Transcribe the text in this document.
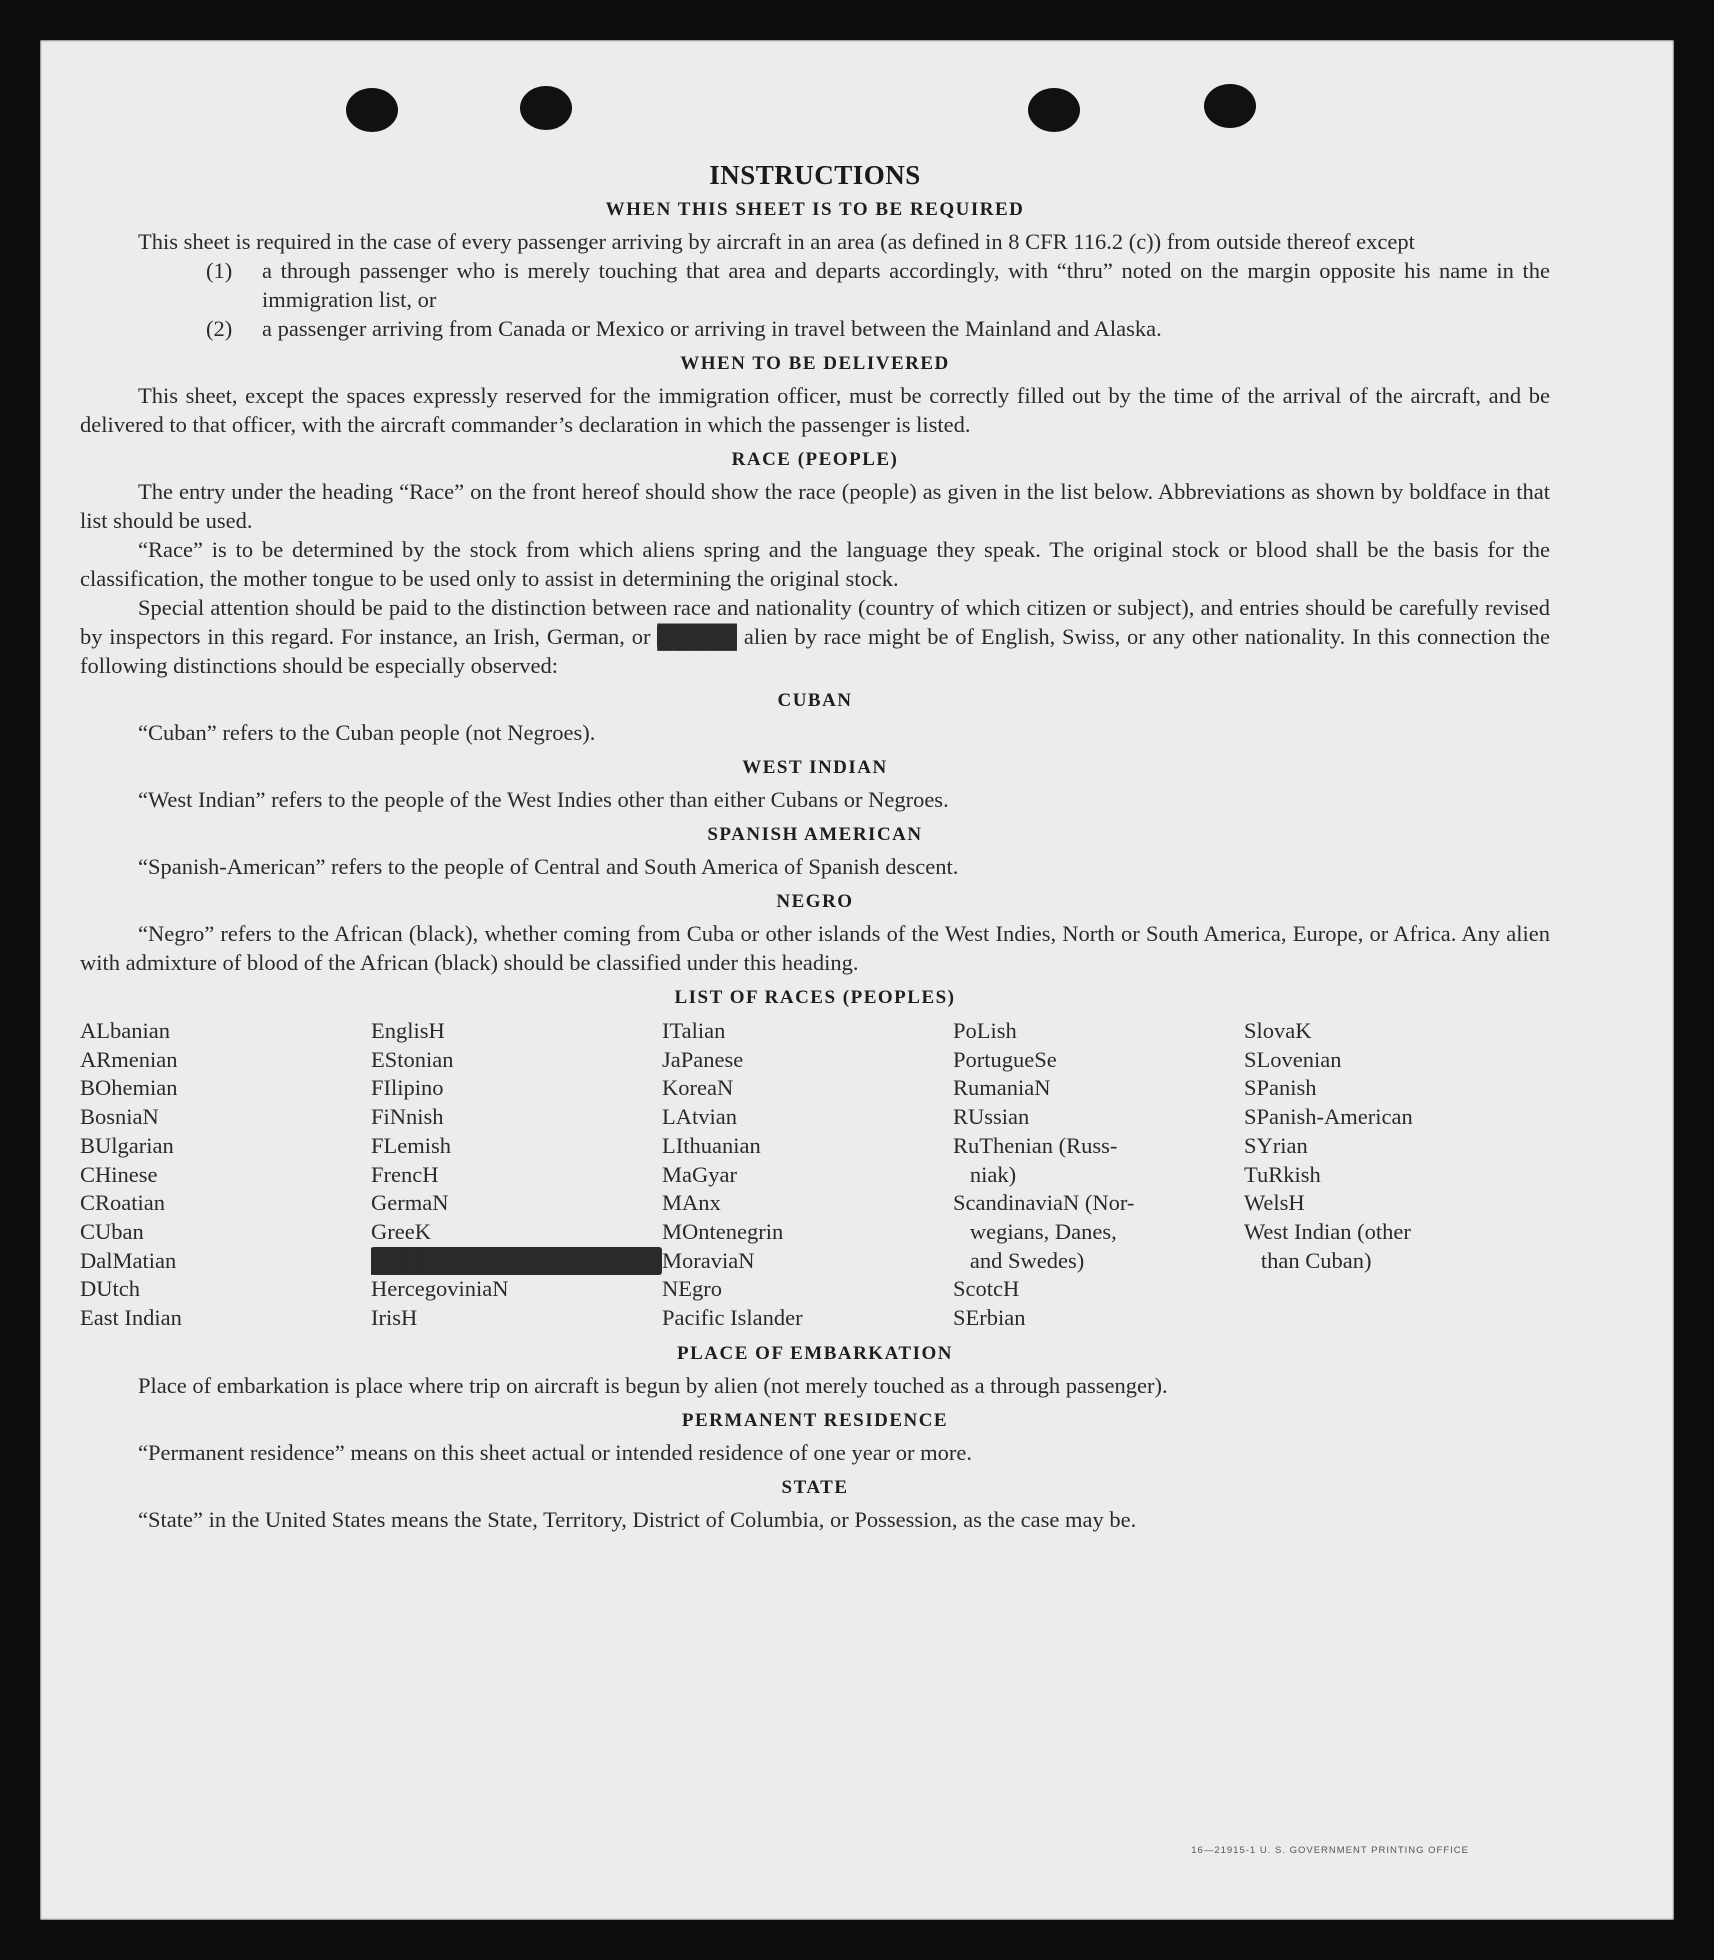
INSTRUCTIONS
WHEN THIS SHEET IS TO BE REQUIRED

This sheet is required in the case of every passenger arriving by aircraft in an area (as defined in 8 CFR 116.2 (c)) from outside thereof except

(1)	a through passenger who is merely touching that area and departs accordingly, with “thru” noted on the margin opposite his name in the immigration list, or
(2)	a passenger arriving from Canada or Mexico or arriving in travel between the Mainland and Alaska.
WHEN TO BE DELIVERED

This sheet, except the spaces expressly reserved for the immigration officer, must be correctly filled out by the time of the arrival of the aircraft, and be delivered to that officer, with the aircraft commander’s declaration in which the passenger is listed.

RACE (PEOPLE)

The entry under the heading “Race” on the front hereof should show the race (people) as given in the list below. Abbreviations as shown by boldface in that list should be used.

“Race” is to be determined by the stock from which aliens spring and the language they speak. The original stock or blood shall be the basis for the classification, the mother tongue to be used only to assist in determining the original stock.

Special attention should be paid to the distinction between race and nationality (country of which citizen or subject), and entries should be carefully revised by inspectors in this regard. For instance, an Irish, German, or █████ alien by race might be of English, Swiss, or any other nationality. In this connection the following distinctions should be especially observed:

CUBAN

“Cuban” refers to the Cuban people (not Negroes).

WEST INDIAN

“West Indian” refers to the people of the West Indies other than either Cubans or Negroes.

SPANISH AMERICAN

“Spanish-American” refers to the people of Central and South America of Spanish descent.

NEGRO

“Negro” refers to the African (black), whether coming from Cuba or other islands of the West Indies, North or South America, Europe, or Africa. Any alien with admixture of blood of the African (black) should be classified under this heading.

LIST OF RACES (PEOPLES)
ALbanian
ARmenian
BOhemian
BosniaN
BUlgarian
CHinese
CRoatian
CUban
DalMatian
DUtch
East Indian
EnglisH
EStonian
FIlipino
FiNnish
FLemish
FrencH
GermaN
GreeK
██████
HercegoviniaN
IrisH
ITalian
JaPanese
KoreaN
LAtvian
LIthuanian
MaGyar
MAnx
MOntenegrin
MoraviaN
NEgro
Pacific Islander
PoLish
PortugueSe
RumaniaN
RUssian
RuThenian (Russ-
niak)
ScandinaviaN (Nor-
wegians, Danes,
and Swedes)
ScotcH
SErbian
SlovaK
SLovenian
SPanish
SPanish-American
SYrian
TuRkish
WelsH
West Indian (other
than Cuban)
PLACE OF EMBARKATION

Place of embarkation is place where trip on aircraft is begun by alien (not merely touched as a through passenger).

PERMANENT RESIDENCE

“Permanent residence” means on this sheet actual or intended residence of one year or more.

STATE

“State” in the United States means the State, Territory, District of Columbia, or Possession, as the case may be.

16—21915-1 U. S. GOVERNMENT PRINTING OFFICE
